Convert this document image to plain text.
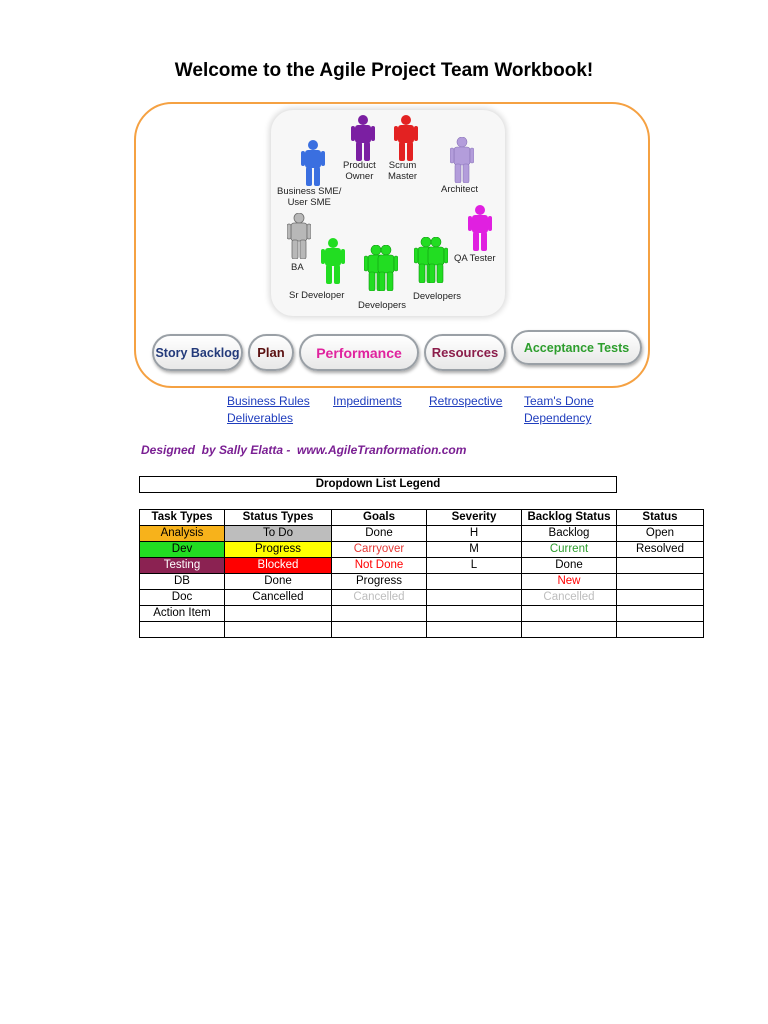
Welcome to the Agile Project Team Workbook!
Business SME/
User SME
Product
Owner
Scrum
Master
Architect
BA
Sr Developer
Developers
Developers
QA Tester
Story Backlog Plan Performance Resources Acceptance Tests
Business Rules
Deliverables
Impediments Retrospective Team's Done
Dependency
Designed  by Sally Elatta -  www.AgileTranformation.com
Dropdown List Legend
Task Types	Status Types	Goals	Severity	Backlog Status	Status
Analysis	To Do	Done	H	Backlog	Open
Dev	Progress	Carryover	M	Current	Resolved
Testing	Blocked	Not Done	L	Done	
DB	Done	Progress		New	
Doc	Cancelled	Cancelled		Cancelled	
Action Item					
